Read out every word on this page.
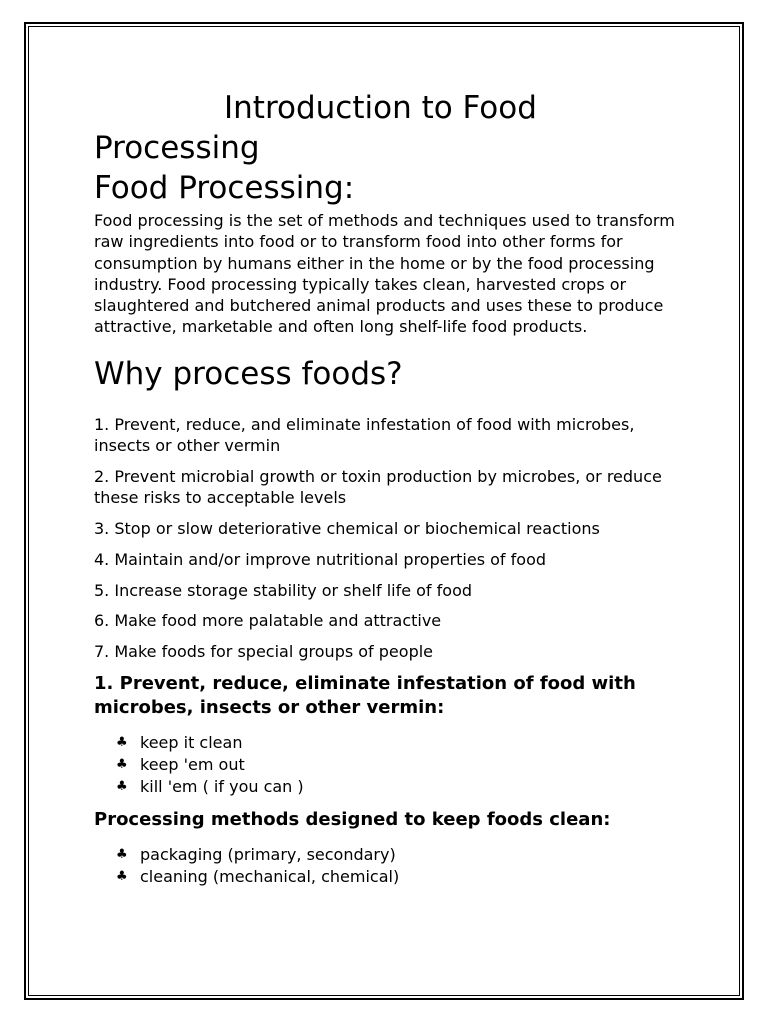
Introduction to Food Processing
Food Processing:

Food processing is the set of methods and techniques used to transform raw ingredients into food or to transform food into other forms for consumption by humans either in the home or by the food processing industry. Food processing typically takes clean, harvested crops or slaughtered and butchered animal products and uses these to produce attractive, marketable and often long shelf-life food products.

Why process foods?
1. Prevent, reduce, and eliminate infestation of food with microbes, insects or other vermin
2. Prevent microbial growth or toxin production by microbes, or reduce these risks to acceptable levels
3. Stop or slow deteriorative chemical or biochemical reactions
4. Maintain and/or improve nutritional properties of food
5. Increase storage stability or shelf life of food
6. Make food more palatable and attractive
7. Make foods for special groups of people
1. Prevent, reduce, eliminate infestation of food with microbes, insects or other vermin:
♣ keep it clean
♣ keep 'em out
♣ kill 'em ( if you can )
Processing methods designed to keep foods clean:
♣ packaging (primary, secondary)
♣ cleaning (mechanical, chemical)
